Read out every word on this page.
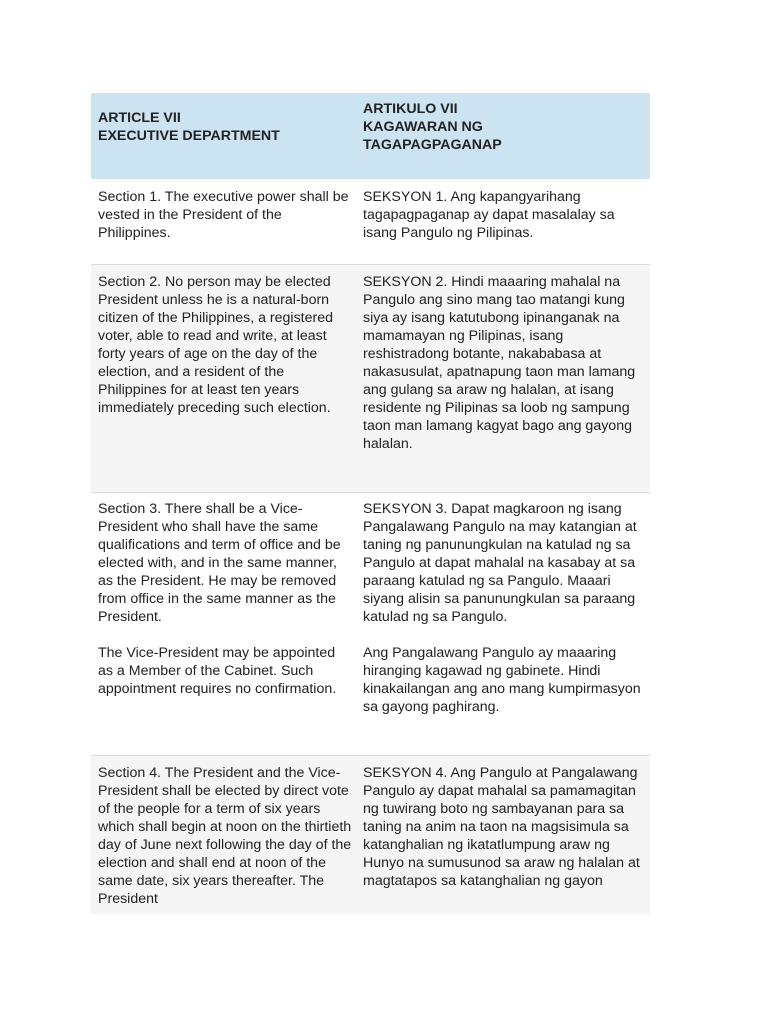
ARTICLE VII
EXECUTIVE DEPARTMENT
ARTIKULO VII
KAGAWARAN NG
TAGAPAGPAGANAP

Section 1. The executive power shall be vested in the President of the Philippines.

SEKSYON 1. Ang kapangyarihang tagapagpaganap ay dapat masalalay sa isang Pangulo ng Pilipinas.

Section 2. No person may be elected President unless he is a natural-born citizen of the Philippines, a registered voter, able to read and write, at least forty years of age on the day of the election, and a resident of the Philippines for at least ten years immediately preceding such election.

SEKSYON 2. Hindi maaaring mahalal na Pangulo ang sino mang tao matangi kung siya ay isang katutubong ipinanganak na mamamayan ng Pilipinas, isang reshistradong botante, nakababasa at nakasusulat, apatnapung taon man lamang ang gulang sa araw ng halalan, at isang residente ng Pilipinas sa loob ng sampung taon man lamang kagyat bago ang gayong halalan.

Section 3. There shall be a Vice-President who shall have the same qualifications and term of office and be elected with, and in the same manner, as the President. He may be removed from office in the same manner as the President.

The Vice-President may be appointed as a Member of the Cabinet. Such appointment requires no confirmation.

SEKSYON 3. Dapat magkaroon ng isang Pangalawang Pangulo na may katangian at taning ng panunungkulan na katulad ng sa Pangulo at dapat mahalal na kasabay at sa paraang katulad ng sa Pangulo. Maaari siyang alisin sa panunungkulan sa paraang katulad ng sa Pangulo.

Ang Pangalawang Pangulo ay maaaring hiranging kagawad ng gabinete. Hindi kinakailangan ang ano mang kumpirmasyon sa gayong paghirang.

Section 4. The President and the Vice-President shall be elected by direct vote of the people for a term of six years which shall begin at noon on the thirtieth day of June next following the day of the election and shall end at noon of the same date, six years thereafter. The President

SEKSYON 4. Ang Pangulo at Pangalawang Pangulo ay dapat mahalal sa pamamagitan ng tuwirang boto ng sambayanan para sa taning na anim na taon na magsisimula sa katanghalian ng ikatatlumpung araw ng Hunyo na sumusunod sa araw ng halalan at magtatapos sa katanghalian ng gayon
